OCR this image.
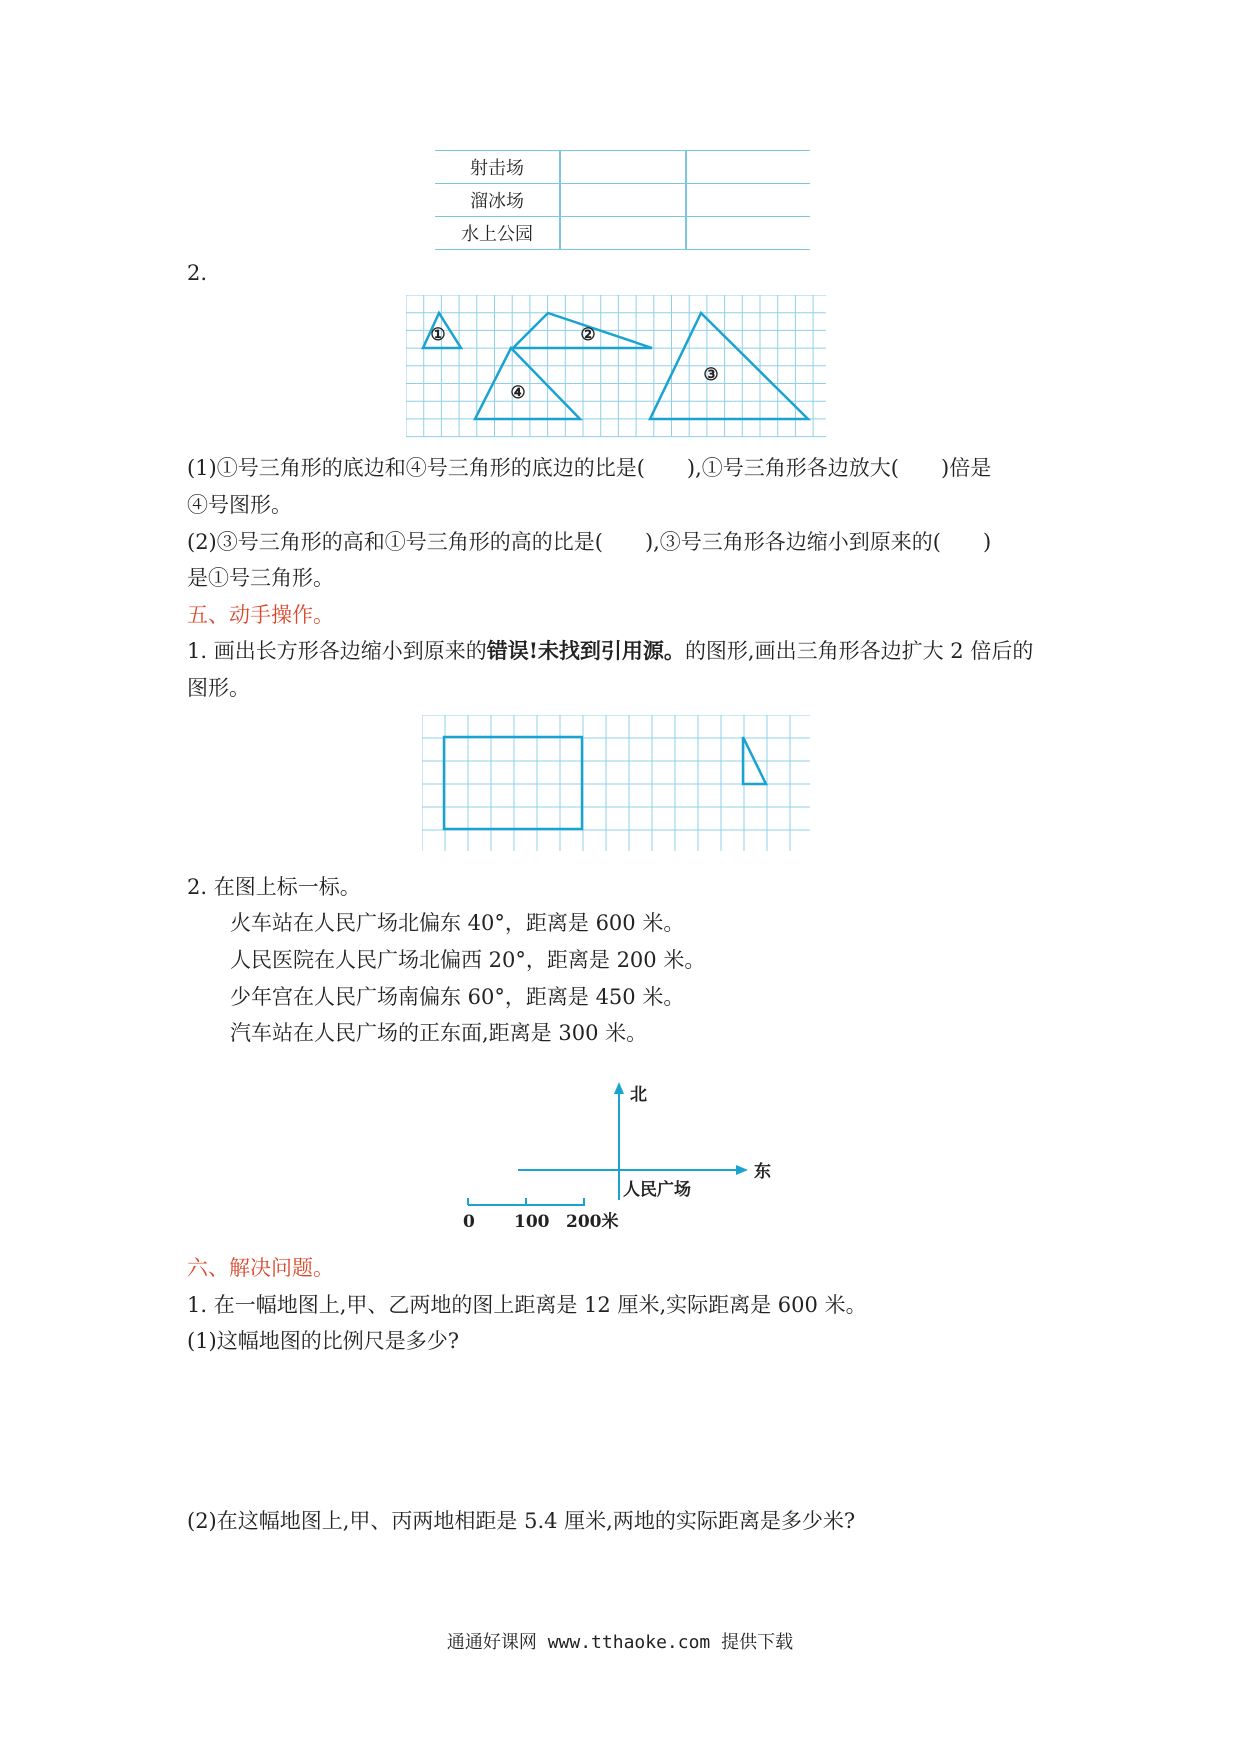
射击场		
溜冰场		
水上公园		
2.
①	②
③
④
(1)①号三角形的底边和④号三角形的底边的比是(　　),①号三角形各边放大(　　)倍是
④号图形。
(2)③号三角形的高和①号三角形的高的比是(　　),③号三角形各边缩小到原来的(　　)
是①号三角形。
五、动手操作。
1. 画出长方形各边缩小到原来的错误!未找到引用源。的图形,画出三角形各边扩大 2 倍后的
图形。
2. 在图上标一标。
火车站在人民广场北偏东 40°，距离是 600 米。
人民医院在人民广场北偏西 20°，距离是 200 米。
少年宫在人民广场南偏东 60°，距离是 450 米。
汽车站在人民广场的正东面,距离是 300 米。
北
东
人民广场
0 100 200米
六、解决问题。
1. 在一幅地图上,甲、乙两地的图上距离是 12 厘米,实际距离是 600 米。
(1)这幅地图的比例尺是多少?
(2)在这幅地图上,甲、丙两地相距是 5.4 厘米,两地的实际距离是多少米?
通通好课网 www.tthaoke.com 提供下载
